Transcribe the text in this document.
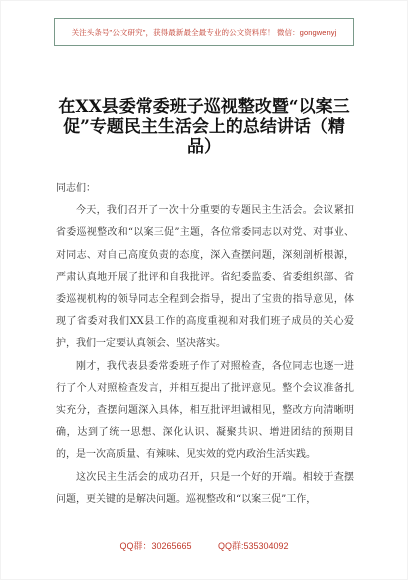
关注头条号"公文研究"，获得最新最全最专业的公文资料库！ 微信：gongwenyj
在XX县委常委班子巡视整改暨“以案三促”专题民主生活会上的总结讲话（精品）

同志们：

今天，我们召开了一次十分重要的专题民主生活会。会议紧扣省委巡视整改和“以案三促”主题，各位常委同志以对党、对事业、对同志、对自己高度负责的态度，深入查摆问题，深刻剖析根源，严肃认真地开展了批评和自我批评。省纪委监委、省委组织部、省委巡视机构的领导同志全程到会指导，提出了宝贵的指导意见，体现了省委对我们XX县工作的高度重视和对我们班子成员的关心爱护，我们一定要认真领会、坚决落实。

刚才，我代表县委常委班子作了对照检查，各位同志也逐一进行了个人对照检查发言，并相互提出了批评意见。整个会议准备扎实充分，查摆问题深入具体，相互批评坦诚相见，整改方向清晰明确，达到了统一思想、深化认识、凝聚共识、增进团结的预期目的，是一次高质量、有辣味、见实效的党内政治生活实践。

这次民主生活会的成功召开，只是一个好的开端。相较于查摆问题，更关键的是解决问题。巡视整改和“以案三促”工作，

QQ群：30265665	QQ群:535304092
